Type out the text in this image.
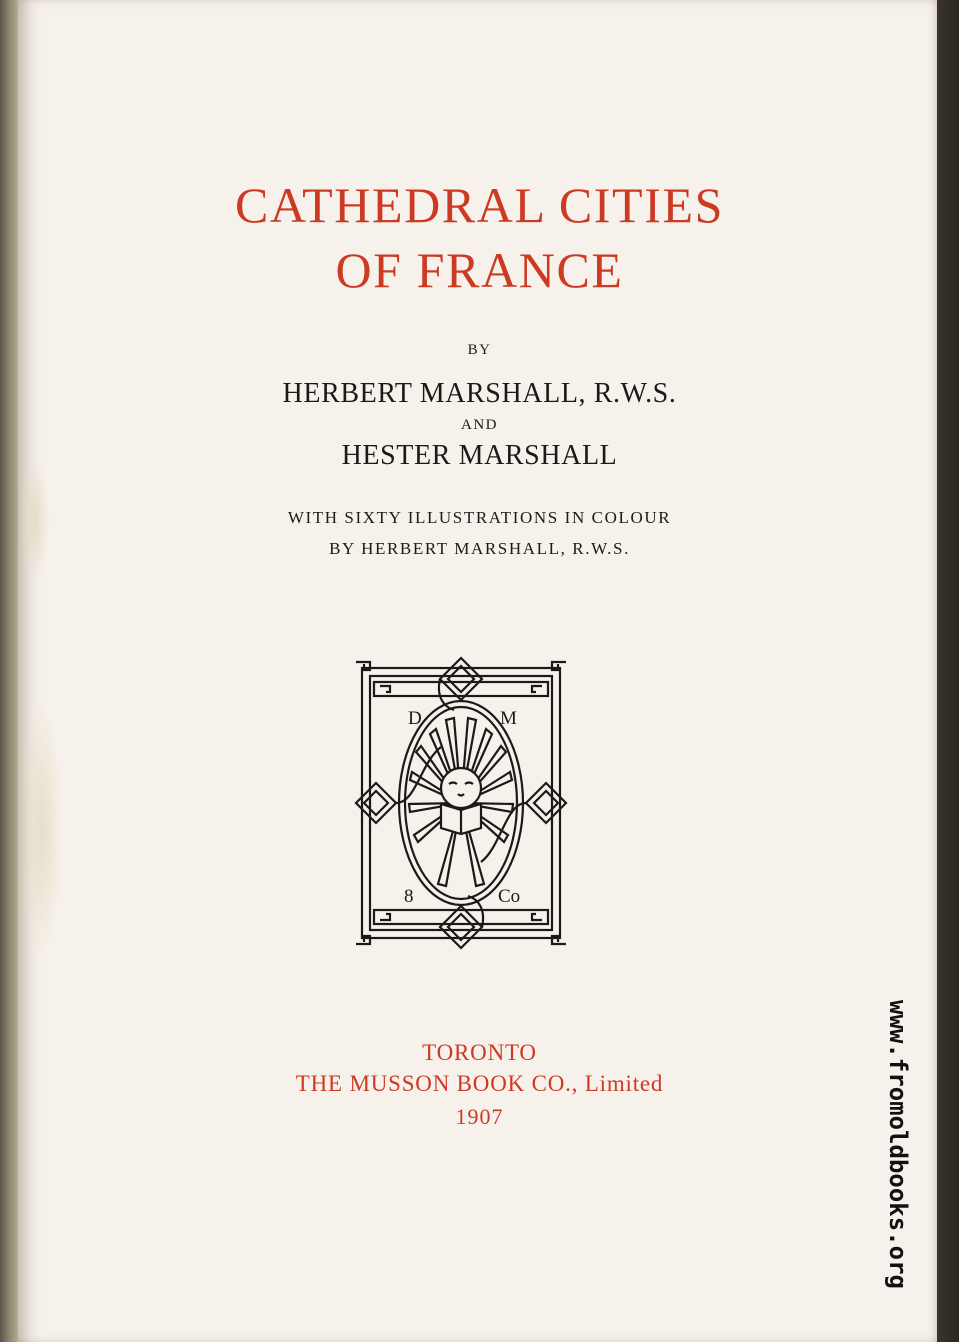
CATHEDRAL CITIES
OF FRANCE
BY
HERBERT MARSHALL, R.W.S.
AND
HESTER MARSHALL
WITH SIXTY ILLUSTRATIONS IN COLOUR
BY HERBERT MARSHALL, R.W.S.
D	M
8	Co
TORONTO
THE MUSSON BOOK CO., Limited
1907	www.fromoldbooks.org
